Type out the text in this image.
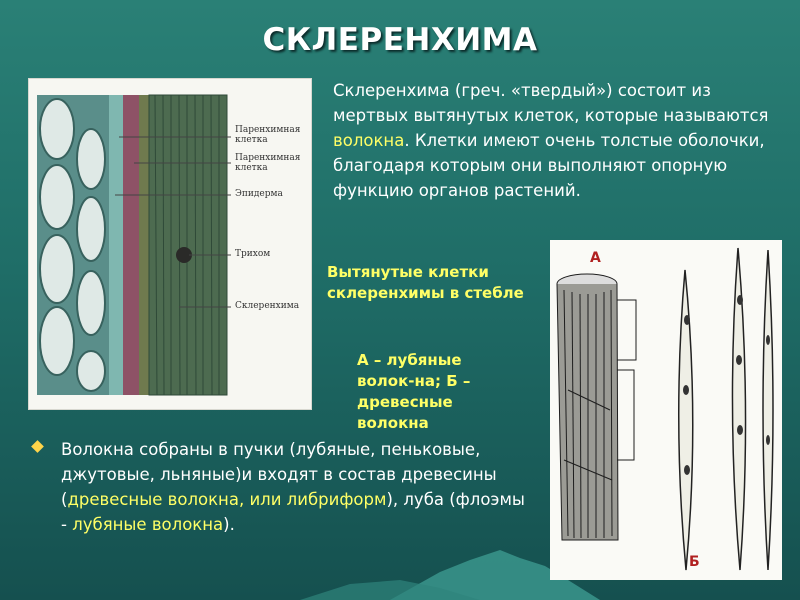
СКЛЕРЕНХИМА
Склеренхима (греч. «твердый») состоит из мертвых вытянутых клеток, которые называются волокна. Клетки имеют очень толстые оболочки, благодаря которым они выполняют опорную функцию органов растений.
Паренхимная клетка
Паренхимная клетка
Эпидерма
Трихом
Склеренхима
Вытянутые клетки склеренхимы в стебле
А – лубяные волок-на; Б – древесные волокна
А
Б
Волокна собраны в пучки (лубяные, пеньковые, джутовые, льняные)и входят в состав древесины (древесные волокна, или либриформ), луба (флоэмы - лубяные волокна).
